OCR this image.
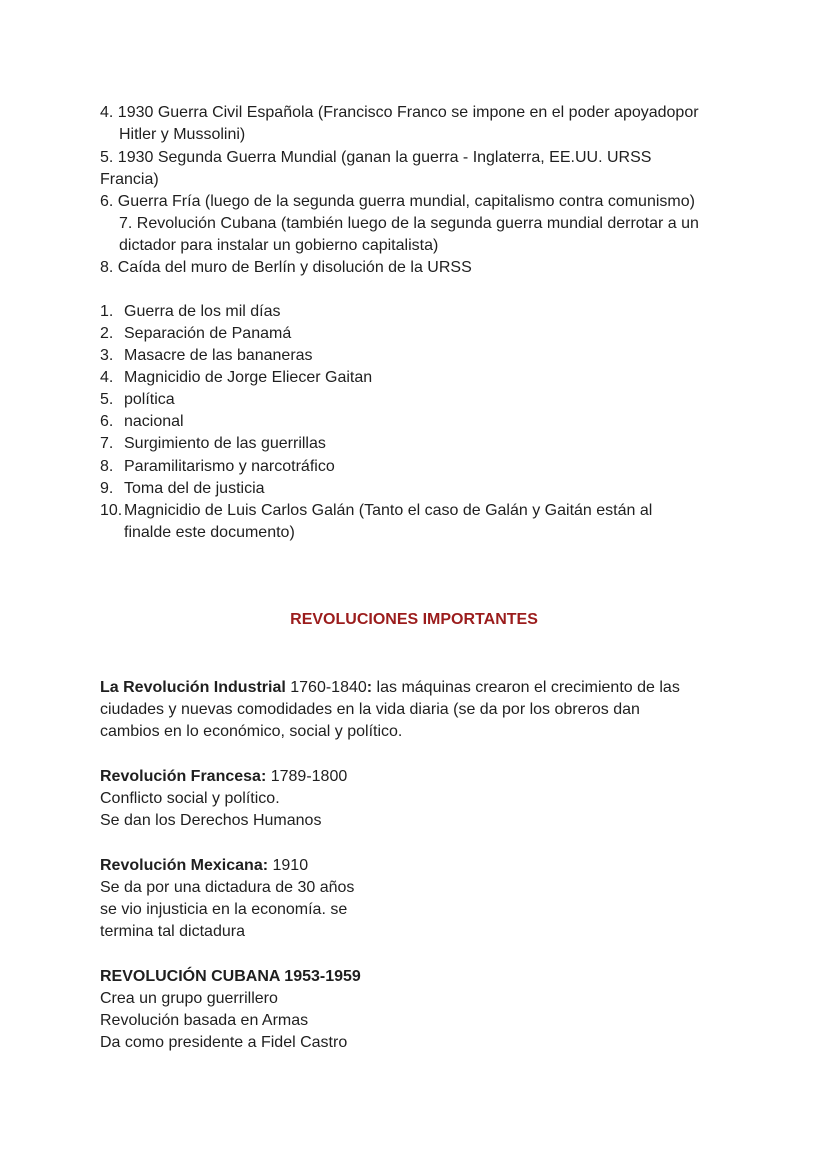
4. 1930 Guerra Civil Española (Francisco Franco se impone en el poder apoyadopor
Hitler y Mussolini)
5. 1930 Segunda Guerra Mundial (ganan la guerra - Inglaterra, EE.UU. URSS
Francia)
6. Guerra Fría (luego de la segunda guerra mundial, capitalismo contra comunismo)
7. Revolución Cubana (también luego de la segunda guerra mundial derrotar a un
dictador para instalar un gobierno capitalista)
8. Caída del muro de Berlín y disolución de la URSS
1. Guerra de los mil días
2. Separación de Panamá
3. Masacre de las bananeras
4. Magnicidio de Jorge Eliecer Gaitan
5. política
6. nacional
7. Surgimiento de las guerrillas
8. Paramilitarismo y narcotráfico
9. Toma del de justicia
10. Magnicidio de Luis Carlos Galán (Tanto el caso de Galán y Gaitán están al
finalde este documento)
REVOLUCIONES IMPORTANTES
La Revolución Industrial 1760-1840: las máquinas crearon el crecimiento de las
ciudades y nuevas comodidades en la vida diaria (se da por los obreros dan
cambios en lo económico, social y político.
Revolución Francesa: 1789-1800
Conflicto social y político.
Se dan los Derechos Humanos
Revolución Mexicana: 1910
Se da por una dictadura de 30 años
se vio injusticia en la economía. se
termina tal dictadura
REVOLUCIÓN CUBANA 1953-1959
Crea un grupo guerrillero
Revolución basada en Armas
Da como presidente a Fidel Castro
